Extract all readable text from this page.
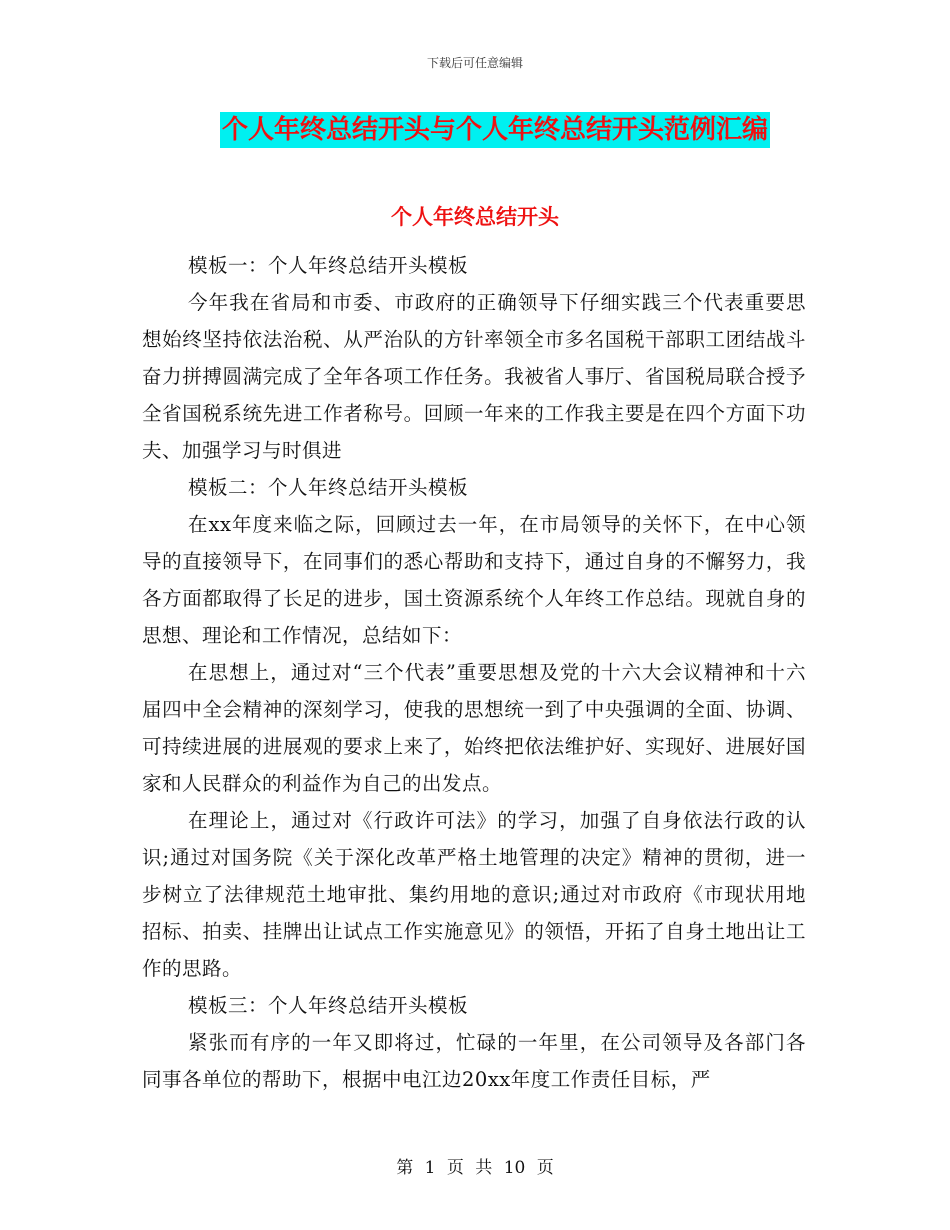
下载后可任意编辑
个人年终总结开头与个人年终总结开头范例汇编
个人年终总结开头

模板一：个人年终总结开头模板

今年我在省局和市委、市政府的正确领导下仔细实践三个代表重要思想始终坚持依法治税、从严治队的方针率领全市多名国税干部职工团结战斗奋力拼搏圆满完成了全年各项工作任务。我被省人事厅、省国税局联合授予全省国税系统先进工作者称号。回顾一年来的工作我主要是在四个方面下功夫、加强学习与时俱进

模板二：个人年终总结开头模板

在xx年度来临之际，回顾过去一年，在市局领导的关怀下，在中心领导的直接领导下，在同事们的悉心帮助和支持下，通过自身的不懈努力，我各方面都取得了长足的进步，国土资源系统个人年终工作总结。现就自身的思想、理论和工作情况，总结如下：

在思想上，通过对“三个代表”重要思想及党的十六大会议精神和十六届四中全会精神的深刻学习，使我的思想统一到了中央强调的全面、协调、可持续进展的进展观的要求上来了，始终把依法维护好、实现好、进展好国家和人民群众的利益作为自己的出发点。

在理论上，通过对《行政许可法》的学习，加强了自身依法行政的认识;通过对国务院《关于深化改革严格土地管理的决定》精神的贯彻，进一步树立了法律规范土地审批、集约用地的意识;通过对市政府《市现状用地招标、拍卖、挂牌出让试点工作实施意见》的领悟，开拓了自身土地出让工作的思路。

模板三：个人年终总结开头模板

紧张而有序的一年又即将过，忙碌的一年里，在公司领导及各部门各同事各单位的帮助下，根据中电江边20xx年度工作责任目标，严

第 1 页 共 10 页
